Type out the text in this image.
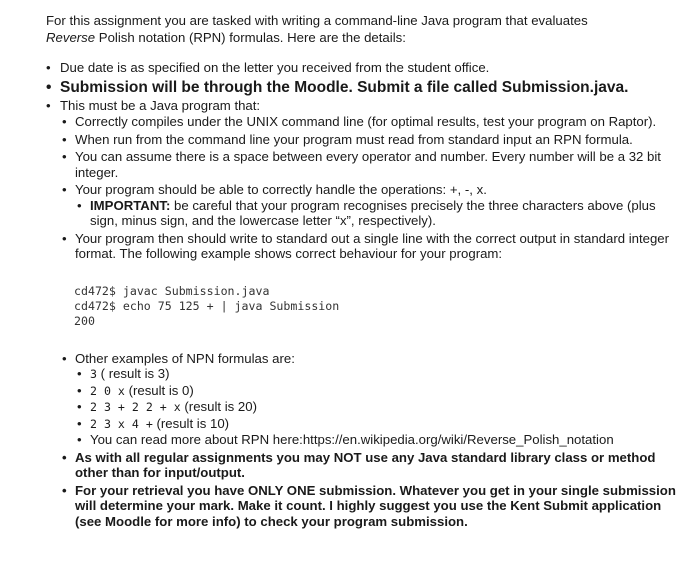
For this assignment you are tasked with writing a command-line Java program that evaluates
Reverse Polish notation (RPN) formulas. Here are the details:

• Due date is as specified on the letter you received from the student office.
• Submission will be through the Moodle. Submit a file called Submission.java.
• This must be a Java program that:
• Correctly compiles under the UNIX command line (for optimal results, test your program on Raptor).
• When run from the command line your program must read from standard input an RPN formula.
• You can assume there is a space between every operator and number. Every number will be a 32 bit integer.
• Your program should be able to correctly handle the operations: +, -, x.
• IMPORTANT: be careful that your program recognises precisely the three characters above (plus sign, minus sign, and the lowercase letter “x”, respectively).
• Your program then should write to standard out a single line with the correct output in standard integer format. The following example shows correct behaviour for your program:
cd472$ javac Submission.java
cd472$ echo 75 125 + | java Submission
200
• Other examples of NPN formulas are:
• 3 ( result is 3)
• 2 0 x (result is 0)
• 2 3 + 2 2 + x (result is 20)
• 2 3 x 4 + (result is 10)
• You can read more about RPN here:https://en.wikipedia.org/wiki/Reverse_Polish_notation
• As with all regular assignments you may NOT use any Java standard library class or method other than for input/output.
• For your retrieval you have ONLY ONE submission. Whatever you get in your single submission will determine your mark. Make it count. I highly suggest you use the Kent Submit application (see Moodle for more info) to check your program submission.
